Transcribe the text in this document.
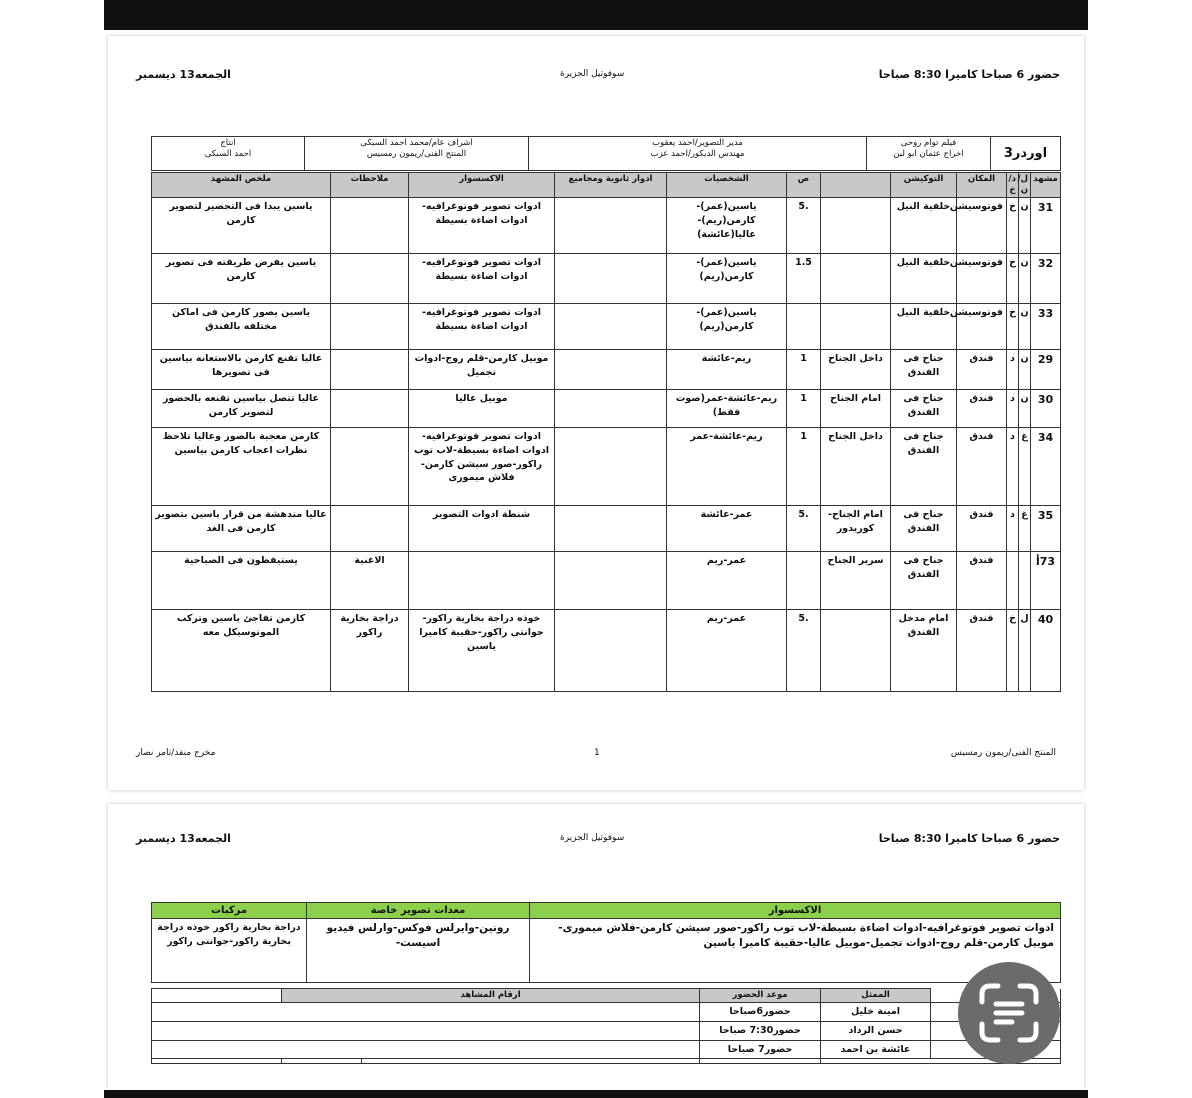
حضور 6 صباحا كاميرا 8:30 صباحا
سوفوتيل الجزيرة
الجمعه13 ديسمبر
اوردر3	
فيلم توام روحى
اخراج عثمان ابو لبن

مدير التصوير/احمد يعقوب
مهندس الديكور/احمد عزب

اشراف عام/محمد احمد السبكى
المنتج الفنى/ريمون رمسيس

انتاج
احمد السبكى
مشهد	ل/ن	د/خ	المكان	التوكيشن		ص	الشخصيات	ادوار ثانوية ومجاميع	الاكسسوار	ملاحظات	ملخص المشهد
31	ن	خ	فوتوسيشن	خلفية النيل		.5	ياسين(عمر)-كارمن(ريم)-عاليا(عائشة)		ادوات تصوير فوتوغرافيه-ادوات اضاءة بسيطة		ياسين يبدا فى التحضير لتصوير كارمن
32	ن	خ	فوتوسيشن	خلفية النيل		1.5	ياسين(عمر)-كارمن(ريم)		ادوات تصوير فوتوغرافيه-ادوات اضاءة بسيطة		ياسين يفرض طريقته فى تصوير كارمن
33	ن	خ	فوتوسيشن	خلفية النيل			ياسين(عمر)-كارمن(ريم)		ادوات تصوير فوتوغرافيه-ادوات اضاءة بسيطة		ياسين يصور كارمن فى اماكن مختلفه بالفندق
29	ن	د	فندق	جناح فى الفندق	داخل الجناح	1	ريم-عائشة		موبيل كارمن-قلم روج-ادوات تجميل		عاليا تقنع كارمن بالاستعانه بياسين فى تصويرها
30	ن	د	فندق	جناح فى الفندق	امام الجناح	1	ريم-عائشة-عمر(صوت فقط)		موبيل عاليا		عاليا تتصل بياسين تقنعه بالحضور لتصوير كارمن
34	غ	د	فندق	جناح فى الفندق	داخل الجناح	1	ريم-عائشة-عمر		ادوات تصوير فوتوغرافيه-ادوات اضاءة بسيطة-لاب توب راكور-صور سيشن كارمن-فلاش ميمورى		كارمن معجبة بالصور وعاليا تلاحظ نظرات اعجاب كارمن بياسين
35	غ	د	فندق	جناح فى الفندق	امام الجناح-كوريدور	.5	عمر-عائشة		شنطة ادوات التصوير		عاليا مندهشة من قرار ياسين بتصوير كارمن فى الغد
73أ			فندق	جناح فى الفندق	سرير الجناح		عمر-ريم			الاغنية	يستيقظون فى الصباحية
40	ل	خ	فندق	امام مدخل الفندق		.5	عمر-ريم		خوذه دراجة بخارية راكور-جوانتى راكور-حقيبة كاميرا ياسين	دراجة بخارية راكور	كارمن تفاجئ ياسين وتركب الموتوسيكل معه
المنتج الفنى/ريمون رمسيس
1
مخرج منفذ/تامر نصار
حضور 6 صباحا كاميرا 8:30 صباحا
سوفوتيل الجزيرة
الجمعه13 ديسمبر
الاكسسوار	معدات تصوير خاصة	مركبات
ادوات تصوير فوتوغرافيه-ادوات اضاءة بسيطة-لاب توب راكور-صور سيشن كارمن-فلاش ميمورى-موبيل كارمن-قلم روج-ادوات تجميل-موبيل عاليا-حقيبة كاميرا ياسين	رونين-وايرلس فوكس-وارلس فيديو اسيست-	دراجة بخارية راكور خوذه دراجة بخارية راكور-جوانتى راكور
	الممثل	موعد الحضور	ارقام المشاهد		
	امينة خليل	حضور6صباحا			
	حسن الرداد	حضور7:30 صباحا			
	عائشة بن احمد	حضور7 صباحا			
